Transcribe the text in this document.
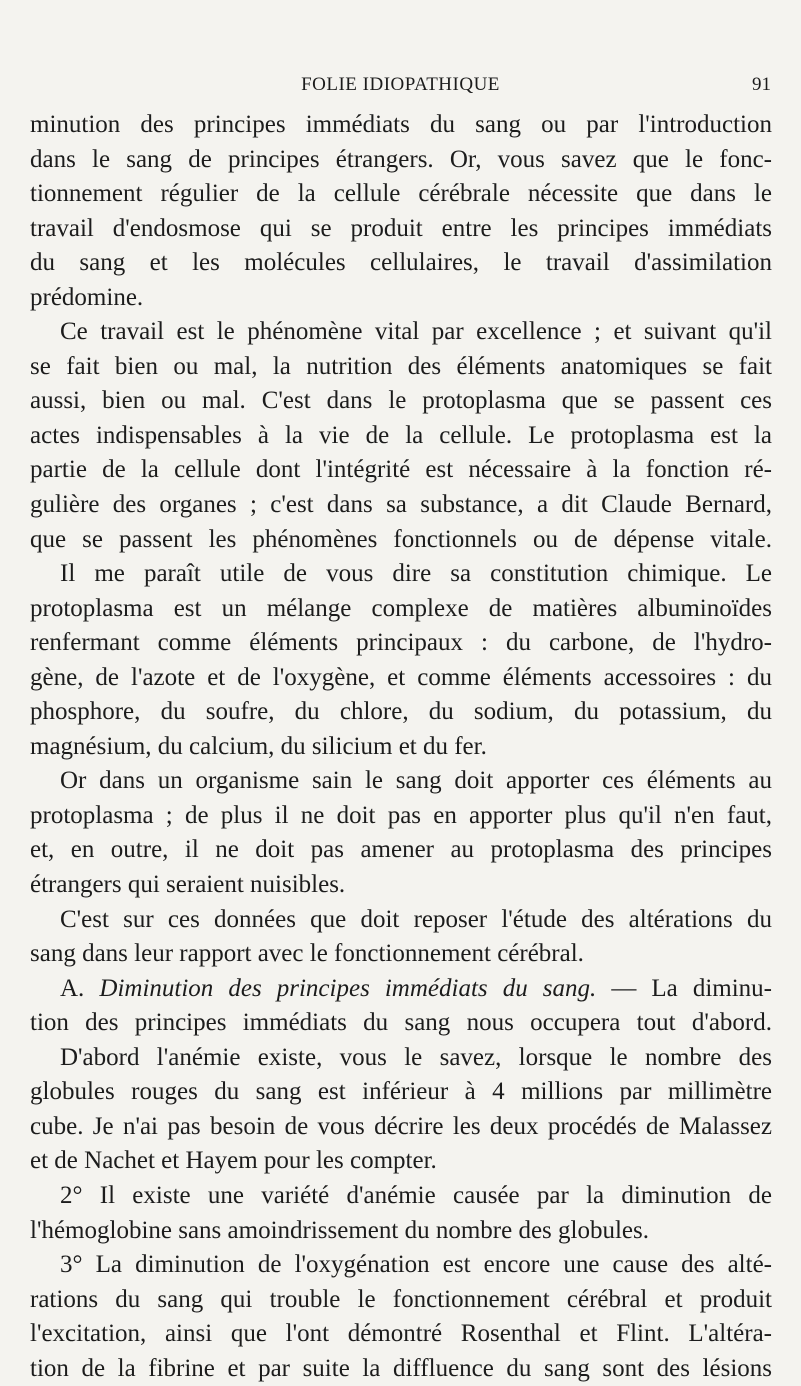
FOLIE IDIOPATHIQUE	91
minution des principes immédiats du sang ou par l'introduction
dans le sang de principes étrangers. Or, vous savez que le fonc-
tionnement régulier de la cellule cérébrale nécessite que dans le
travail d'endosmose qui se produit entre les principes immédiats
du sang et les molécules cellulaires, le travail d'assimilation
prédomine.
Ce travail est le phénomène vital par excellence ; et suivant qu'il
se fait bien ou mal, la nutrition des éléments anatomiques se fait
aussi, bien ou mal. C'est dans le protoplasma que se passent ces
actes indispensables à la vie de la cellule. Le protoplasma est la
partie de la cellule dont l'intégrité est nécessaire à la fonction ré-
gulière des organes ; c'est dans sa substance, a dit Claude Bernard,
que se passent les phénomènes fonctionnels ou de dépense vitale.
Il me paraît utile de vous dire sa constitution chimique. Le
protoplasma est un mélange complexe de matières albuminoïdes
renfermant comme éléments principaux : du carbone, de l'hydro-
gène, de l'azote et de l'oxygène, et comme éléments accessoires : du
phosphore, du soufre, du chlore, du sodium, du potassium, du
magnésium, du calcium, du silicium et du fer.
Or dans un organisme sain le sang doit apporter ces éléments au
protoplasma ; de plus il ne doit pas en apporter plus qu'il n'en faut,
et, en outre, il ne doit pas amener au protoplasma des principes
étrangers qui seraient nuisibles.
C'est sur ces données que doit reposer l'étude des altérations du
sang dans leur rapport avec le fonctionnement cérébral.
A. Diminution des principes immédiats du sang. — La diminu-
tion des principes immédiats du sang nous occupera tout d'abord.
D'abord l'anémie existe, vous le savez, lorsque le nombre des
globules rouges du sang est inférieur à 4 millions par millimètre
cube. Je n'ai pas besoin de vous décrire les deux procédés de Malassez
et de Nachet et Hayem pour les compter.
2° Il existe une variété d'anémie causée par la diminution de
l'hémoglobine sans amoindrissement du nombre des globules.
3° La diminution de l'oxygénation est encore une cause des alté-
rations du sang qui trouble le fonctionnement cérébral et produit
l'excitation, ainsi que l'ont démontré Rosenthal et Flint. L'altéra-
tion de la fibrine et par suite la diffluence du sang sont des lésions
